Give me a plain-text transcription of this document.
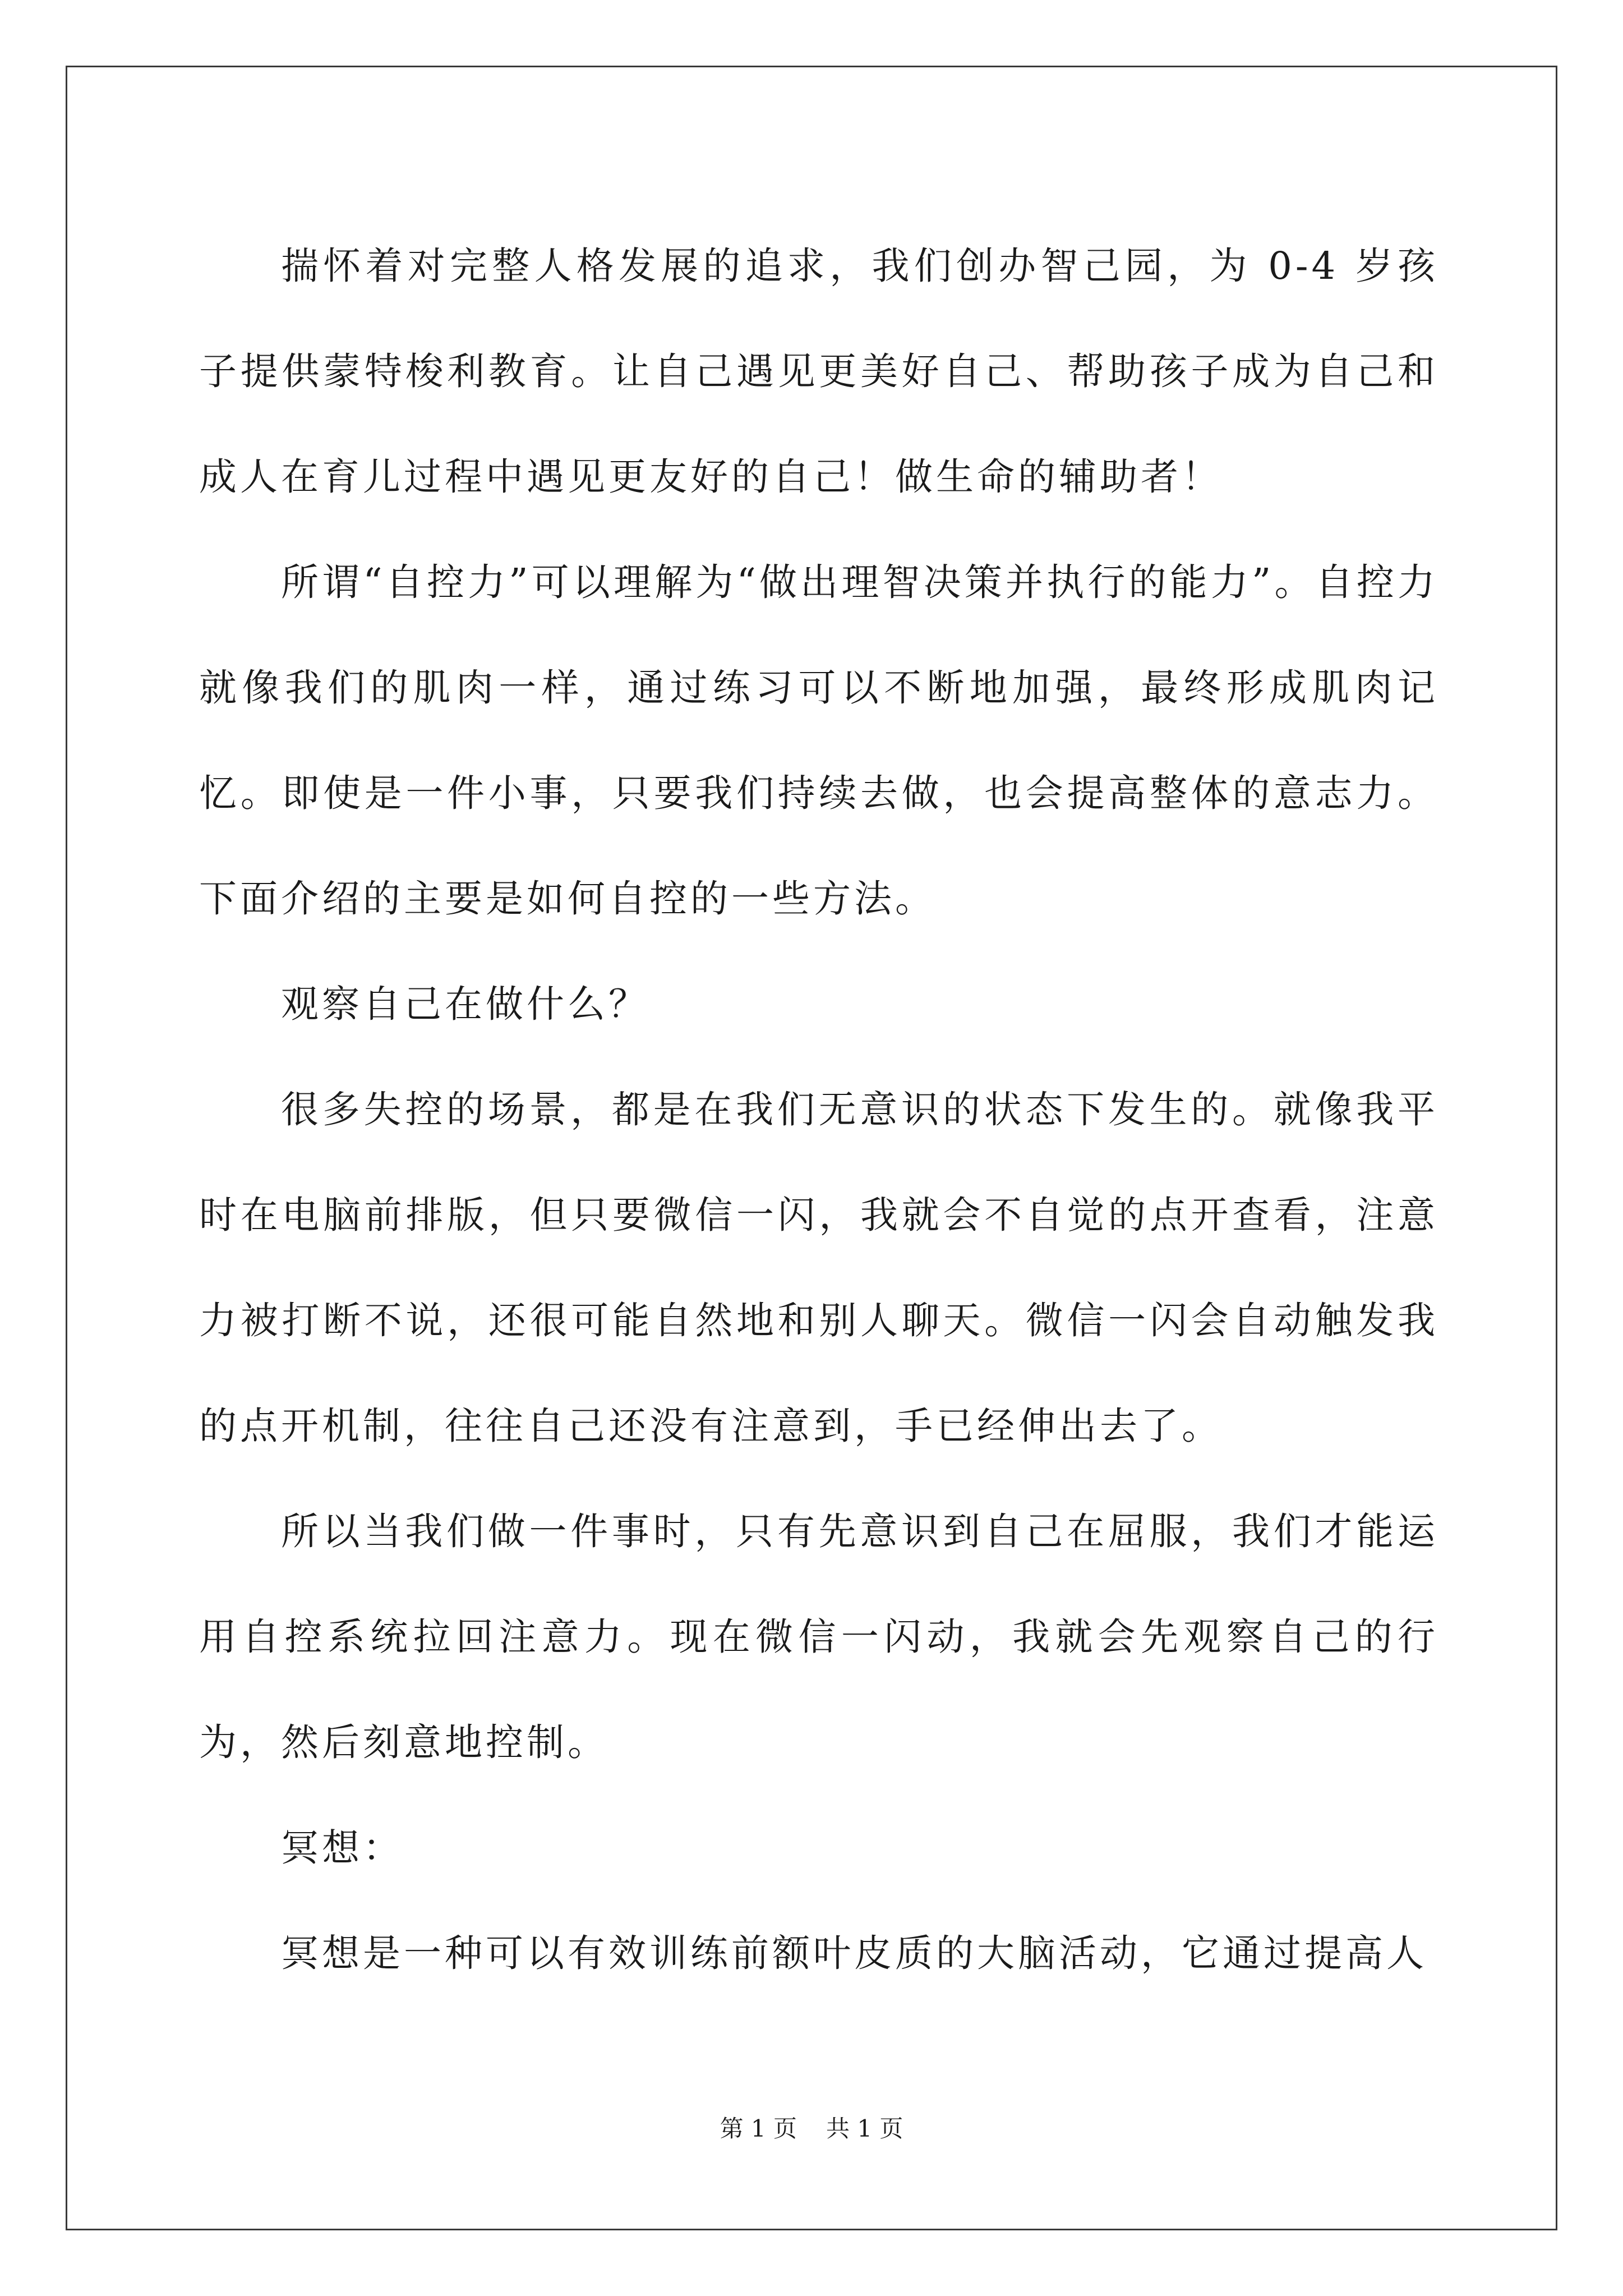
揣怀着对完整人格发展的追求，我们创办智己园，为 0-4 岁孩子提供蒙特梭利教育。让自己遇见更美好自己、帮助孩子成为自己和成人在育儿过程中遇见更友好的自己！做生命的辅助者！

所谓“自控力”可以理解为“做出理智决策并执行的能力”。自控力就像我们的肌肉一样，通过练习可以不断地加强，最终形成肌肉记忆。即使是一件小事，只要我们持续去做，也会提高整体的意志力。下面介绍的主要是如何自控的一些方法。

观察自己在做什么？

很多失控的场景，都是在我们无意识的状态下发生的。就像我平时在电脑前排版，但只要微信一闪，我就会不自觉的点开查看，注意力被打断不说，还很可能自然地和别人聊天。微信一闪会自动触发我的点开机制，往往自己还没有注意到，手已经伸出去了。

所以当我们做一件事时，只有先意识到自己在屈服，我们才能运用自控系统拉回注意力。现在微信一闪动，我就会先观察自己的行为，然后刻意地控制。

冥想：

冥想是一种可以有效训练前额叶皮质的大脑活动，它通过提高人

第 1 页 共 1 页
